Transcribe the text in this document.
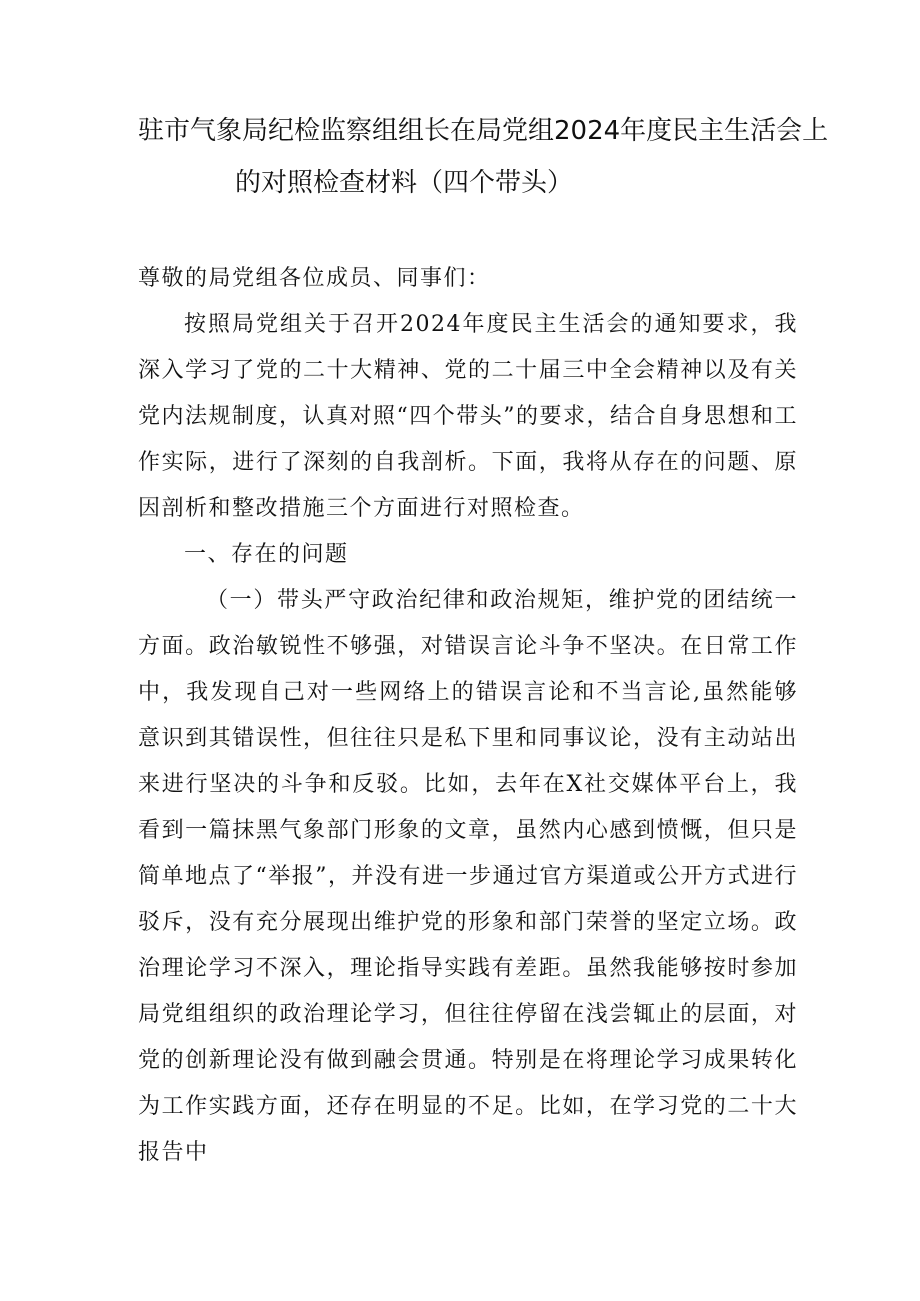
驻市气象局纪检监察组组长在局党组2024年度民主生活会上
的对照检查材料（四个带头）

尊敬的局党组各位成员、同事们：

按照局党组关于召开2024年度民主生活会的通知要求，我深入学习了党的二十大精神、党的二十届三中全会精神以及有关党内法规制度，认真对照“四个带头”的要求，结合自身思想和工作实际，进行了深刻的自我剖析。下面，我将从存在的问题、原因剖析和整改措施三个方面进行对照检查。

一、存在的问题

（一）带头严守政治纪律和政治规矩，维护党的团结统一方面。政治敏锐性不够强，对错误言论斗争不坚决。在日常工作中，我发现自己对一些网络上的错误言论和不当言论,虽然能够意识到其错误性，但往往只是私下里和同事议论，没有主动站出来进行坚决的斗争和反驳。比如，去年在X社交媒体平台上，我看到一篇抹黑气象部门形象的文章，虽然内心感到愤慨，但只是简单地点了“举报”，并没有进一步通过官方渠道或公开方式进行驳斥，没有充分展现出维护党的形象和部门荣誉的坚定立场。政治理论学习不深入，理论指导实践有差距。虽然我能够按时参加局党组组织的政治理论学习，但往往停留在浅尝辄止的层面，对党的创新理论没有做到融会贯通。特别是在将理论学习成果转化为工作实践方面，还存在明显的不足。比如，在学习党的二十大报告中
